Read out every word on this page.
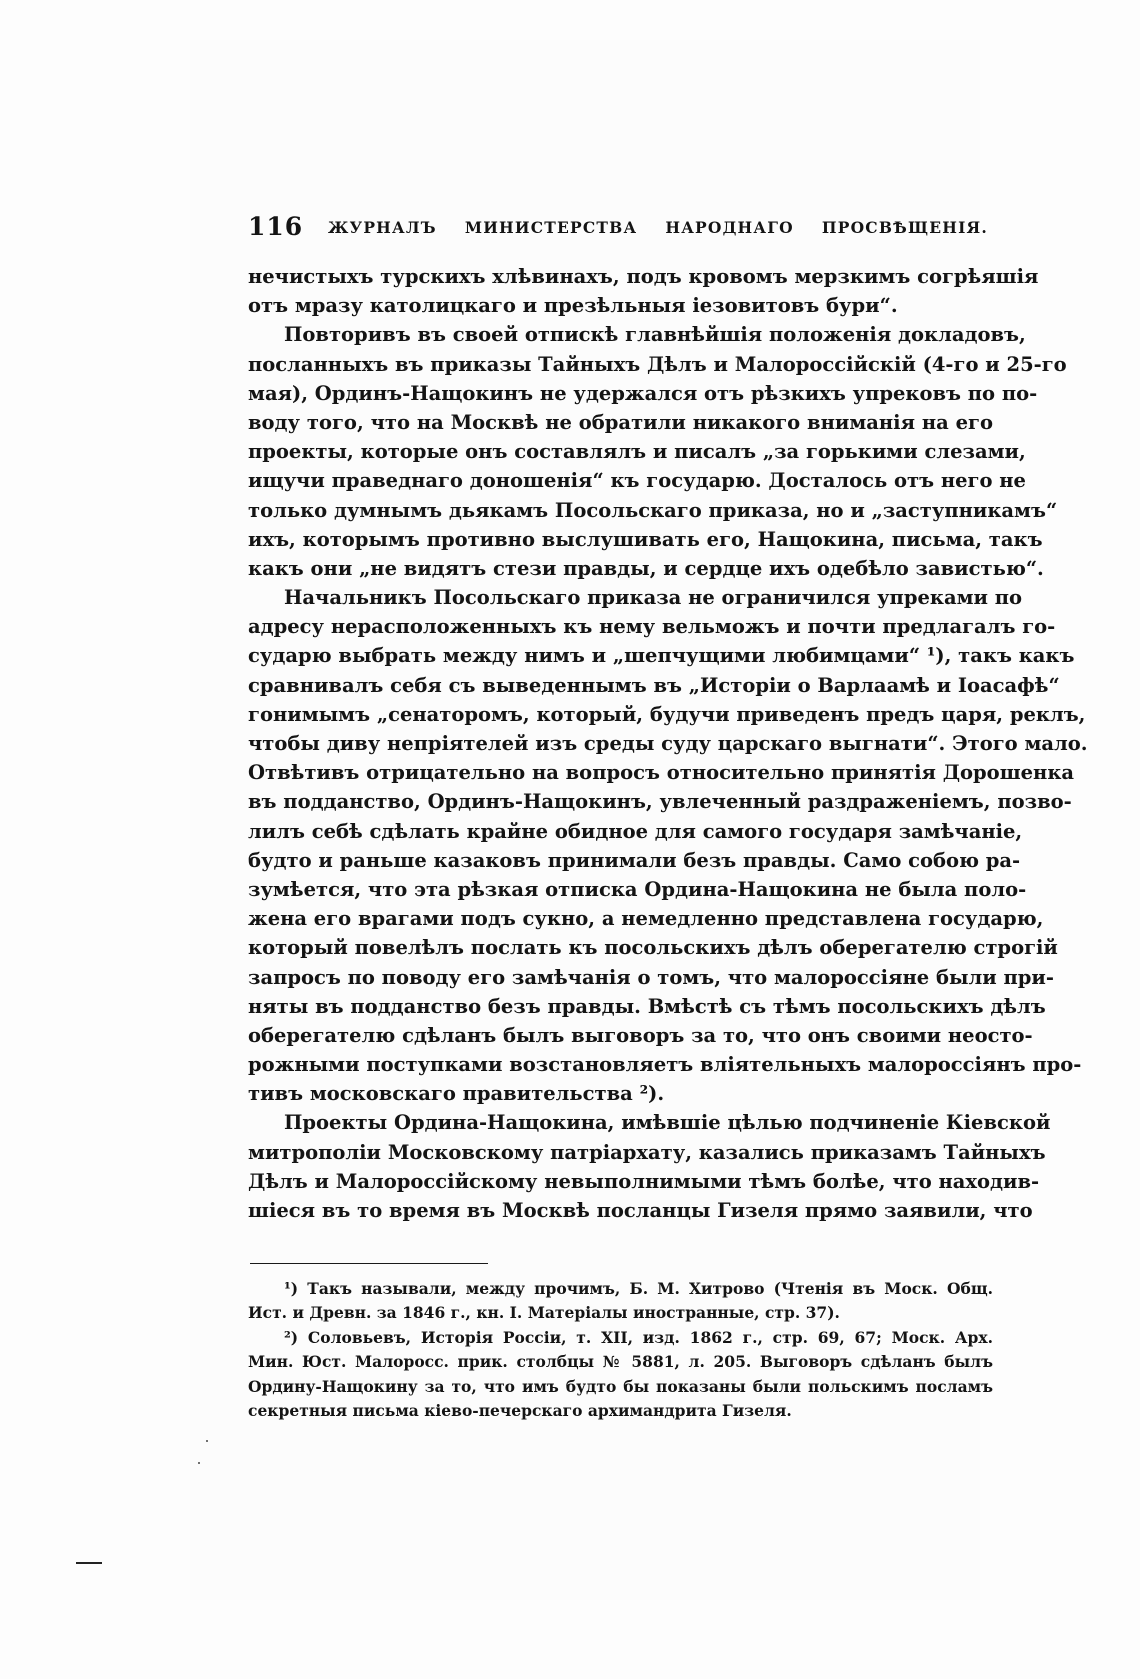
116 ЖУРНАЛЪ МИНИСТЕРСТВА НАРОДНАГО ПРОСВѢЩЕНІЯ.
нечистыхъ турскихъ хлѣвинахъ, подъ кровомъ мерзкимъ согрѣяшія
отъ мразу католицкаго и презѣльныя іезовитовъ бури“.
Повторивъ въ своей отпискѣ главнѣйшія положенія докладовъ,
посланныхъ въ приказы Тайныхъ Дѣлъ и Малороссійскій (4-го и 25-го
мая), Ординъ-Нащокинъ не удержался отъ рѣзкихъ упрековъ по по-
воду того, что на Москвѣ не обратили никакого вниманія на его
проекты, которые онъ составлялъ и писалъ „за горькими слезами,
ищучи праведнаго доношенія“ къ государю. Досталось отъ него не
только думнымъ дьякамъ Посольскаго приказа, но и „заступникамъ“
ихъ, которымъ противно выслушивать его, Нащокина, письма, такъ
какъ они „не видятъ стези правды, и сердце ихъ одебѣло завистью“.
Начальникъ Посольскаго приказа не ограничился упреками по
адресу нерасположенныхъ къ нему вельможъ и почти предлагалъ го-
сударю выбрать между нимъ и „шепчущими любимцами“ ¹), такъ какъ
сравнивалъ себя съ выведеннымъ въ „Исторіи о Варлаамѣ и Іоасафѣ“
гонимымъ „сенаторомъ, который, будучи приведенъ предъ царя, реклъ,
чтобы диву непріятелей изъ среды суду царскаго выгнати“. Этого мало.
Отвѣтивъ отрицательно на вопросъ относительно принятія Дорошенка
въ подданство, Ординъ-Нащокинъ, увлеченный раздраженіемъ, позво-
лилъ себѣ сдѣлать крайне обидное для самого государя замѣчаніе,
будто и раньше казаковъ принимали безъ правды. Само собою ра-
зумѣется, что эта рѣзкая отписка Ордина-Нащокина не была поло-
жена его врагами подъ сукно, а немедленно представлена государю,
который повелѣлъ послать къ посольскихъ дѣлъ оберегателю строгій
запросъ по поводу его замѣчанія о томъ, что малороссіяне были при-
няты въ подданство безъ правды. Вмѣстѣ съ тѣмъ посольскихъ дѣлъ
оберегателю сдѣланъ былъ выговоръ за то, что онъ своими неосто-
рожными поступками возстановляетъ вліятельныхъ малороссіянъ про-
тивъ московскаго правительства ²).
Проекты Ордина-Нащокина, имѣвшіе цѣлью подчиненіе Кіевской
митрополіи Московскому патріархату, казались приказамъ Тайныхъ
Дѣлъ и Малороссійскому невыполнимыми тѣмъ болѣе, что находив-
шіеся въ то время въ Москвѣ посланцы Гизеля прямо заявили, что
¹) Такъ называли, между прочимъ, Б. М. Хитрово (Чтенія въ Моск. Общ.
Ист. и Древн. за 1846 г., кн. I. Матеріалы иностранные, стр. 37).
²) Соловьевъ, Исторія Россіи, т. XII, изд. 1862 г., стр. 69, 67; Моск. Арх.
Мин. Юст. Малоросс. прик. столбцы № 5881, л. 205. Выговоръ сдѣланъ былъ
Ордину-Нащокину за то, что имъ будто бы показаны были польскимъ посламъ
секретныя письма кіево-печерскаго архимандрита Гизеля.
